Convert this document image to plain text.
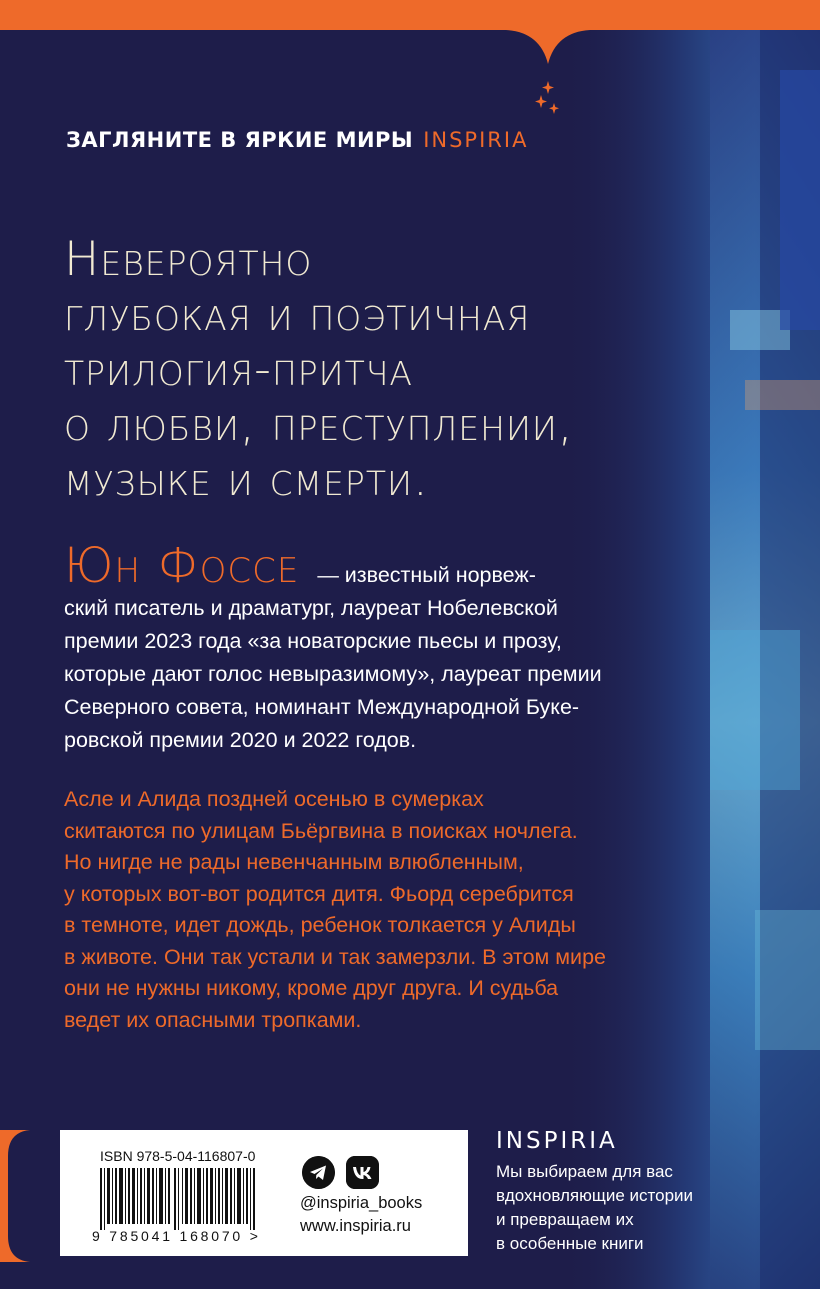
ЗАГЛЯНИТЕ В ЯРКИЕ МИРЫ INSPIRIA
Невероятно
глубокая и поэтичная
трилогия-притча
о любви, преступлении,
музыке и смерти.
Юн Фоссе — известный норвеж-
ский писатель и драматург, лауреат Нобелевской
премии 2023 года «за новаторские пьесы и прозу,
которые дают голос невыразимому», лауреат премии
Северного совета, номинант Международной Буке-
ровской премии 2020 и 2022 годов.
Асле и Алида поздней осенью в сумерках
скитаются по улицам Бьёргвина в поисках ночлега.
Но нигде не рады невенчанным влюбленным,
у которых вот-вот родится дитя. Фьорд серебрится
в темноте, идет дождь, ребенок толкается у Алиды
в животе. Они так устали и так замерзли. В этом мире
они не нужны никому, кроме друг друга. И судьба
ведет их опасными тропками.
ISBN 978-5-04-116807-0
9 785041 168070 >
@inspiria_books
www.inspiria.ru
INSPIRIA
Мы выбираем для вас
вдохновляющие истории
и превращаем их
в особенные книги
